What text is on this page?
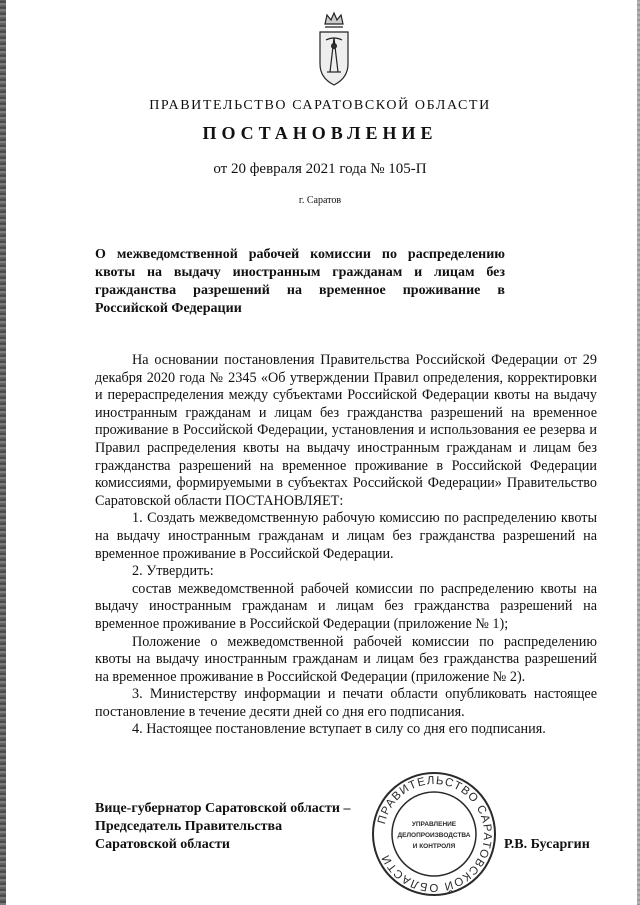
ПРАВИТЕЛЬСТВО САРАТОВСКОЙ ОБЛАСТИ
ПОСТАНОВЛЕНИЕ
от 20 февраля 2021 года № 105-П
г. Саратов
О межведомственной рабочей комиссии по распределению квоты на выдачу иностранным гражданам и лицам без гражданства разрешений на временное проживание в Российской Федерации

На основании постановления Правительства Российской Федерации от 29 декабря 2020 года № 2345 «Об утверждении Правил определения, корректировки и перераспределения между субъектами Российской Федерации квоты на выдачу иностранным гражданам и лицам без гражданства разрешений на временное проживание в Российской Федерации, установления и использования ее резерва и Правил распределения квоты на выдачу иностранным гражданам и лицам без гражданства разрешений на временное проживание в Российской Федерации комиссиями, формируемыми в субъектах Российской Федерации» Правительство Саратовской области ПОСТАНОВЛЯЕТ:

1. Создать межведомственную рабочую комиссию по распределению квоты на выдачу иностранным гражданам и лицам без гражданства разрешений на временное проживание в Российской Федерации.

2. Утвердить:

состав межведомственной рабочей комиссии по распределению квоты на выдачу иностранным гражданам и лицам без гражданства разрешений на временное проживание в Российской Федерации (приложение № 1);

Положение о межведомственной рабочей комиссии по распределению квоты на выдачу иностранным гражданам и лицам без гражданства разрешений на временное проживание в Российской Федерации (приложение № 2).

3. Министерству информации и печати области опубликовать настоящее постановление в течение десяти дней со дня его подписания.

4. Настоящее постановление вступает в силу со дня его подписания.

Вице-губернатор Саратовской области –
Председатель Правительства
Саратовской области
ПРАВИТЕЛЬСТВО САРАТОВСКОЙ ОБЛАСТИ
УПРАВЛЕНИЕ
ДЕЛОПРОИЗВОДСТВА
И КОНТРОЛЯ	Р.В. Бусаргин
